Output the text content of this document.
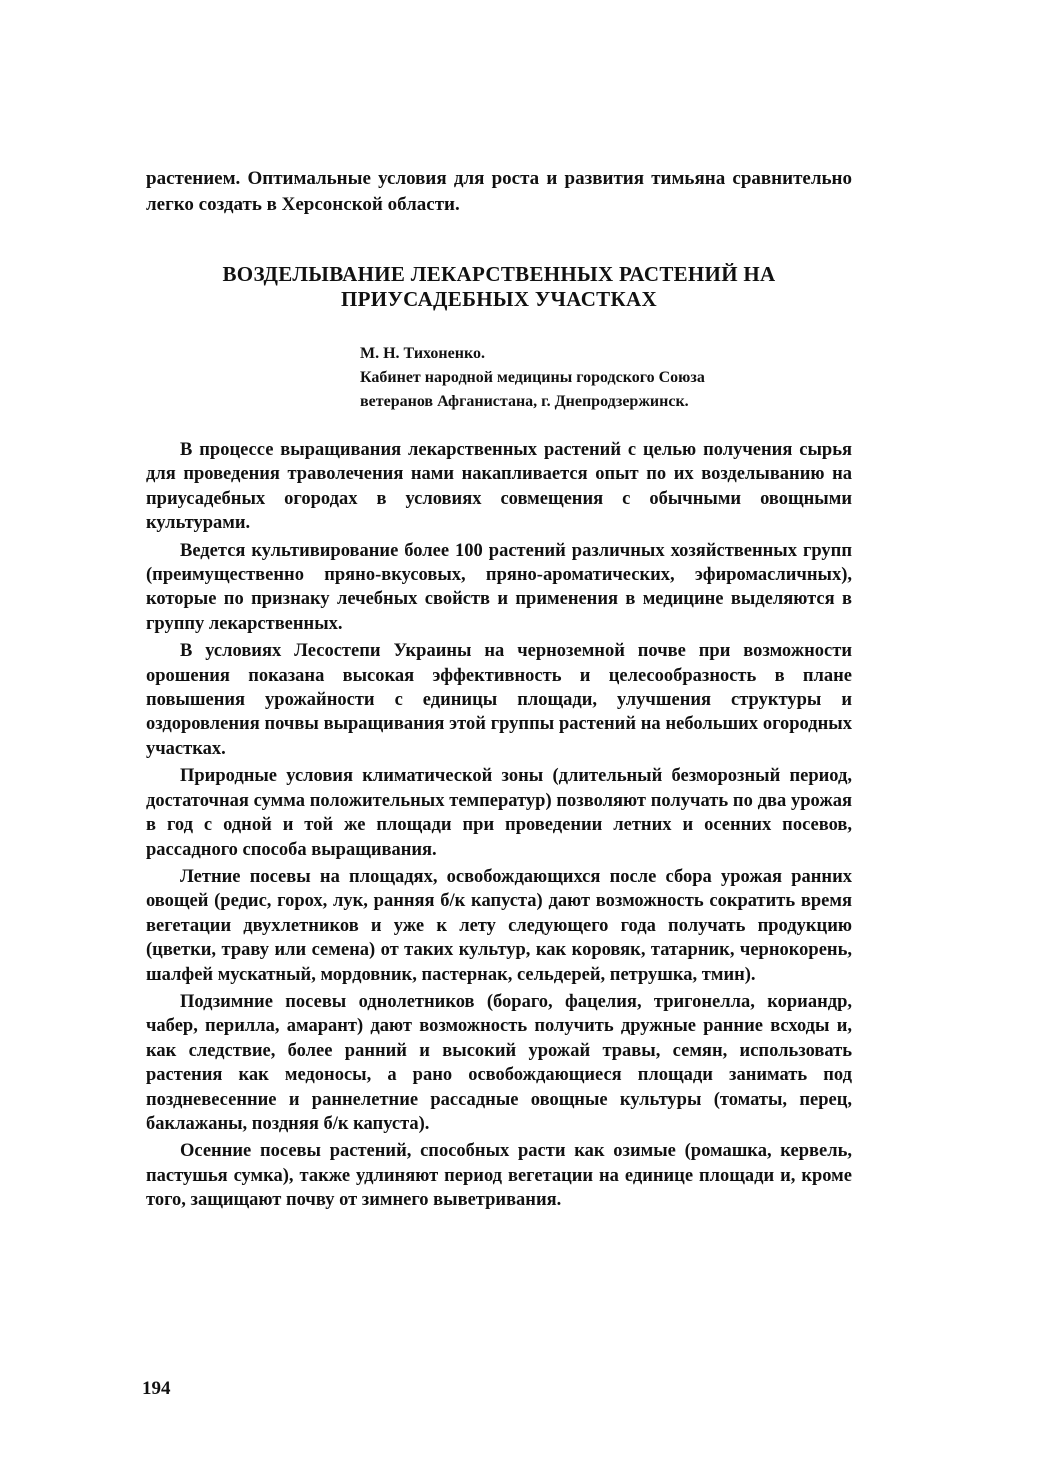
растением. Оптимальные условия для роста и развития тимьяна сравнительно легко создать в Херсонской области.

ВОЗДЕЛЫВАНИЕ ЛЕКАРСТВЕННЫХ РАСТЕНИЙ НА
ПРИУСАДЕБНЫХ УЧАСТКАХ
М. Н. Тихоненко.
Кабинет народной медицины городского Союза
ветеранов Афганистана, г. Днепродзержинск.

В процессе выращивания лекарственных растений с целью получения сырья для проведения траволечения нами накапливается опыт по их возделыванию на приусадебных огородах в условиях совмещения с обычными овощными культурами.

Ведется культивирование более 100 растений различных хозяйственных групп (преимущественно пряно-вкусовых, пряно-ароматических, эфиромасличных), которые по признаку лечебных свойств и применения в медицине выделяются в группу лекарственных.

В условиях Лесостепи Украины на черноземной почве при возможности орошения показана высокая эффективность и целесообразность в плане повышения урожайности с единицы площади, улучшения структуры и оздоровления почвы выращивания этой группы растений на небольших огородных участках.

Природные условия климатической зоны (длительный безморозный период, достаточная сумма положительных температур) позволяют получать по два урожая в год с одной и той же площади при проведении летних и осенних посевов, рассадного способа выращивания.

Летние посевы на площадях, освобождающихся после сбора урожая ранних овощей (редис, горох, лук, ранняя б/к капуста) дают возможность сократить время вегетации двухлетников и уже к лету следующего года получать продукцию (цветки, траву или семена) от таких культур, как коровяк, татарник, чернокорень, шалфей мускатный, мордовник, пастернак, сельдерей, петрушка, тмин).

Подзимние посевы однолетников (бораго, фацелия, тригонелла, кориандр, чабер, перилла, амарант) дают возможность получить дружные ранние всходы и, как следствие, более ранний и высокий урожай травы, семян, использовать растения как медоносы, а рано освобождающиеся площади занимать под поздневесенние и раннелетние рассадные овощные культуры (томаты, перец, баклажаны, поздняя б/к капуста).

Осенние посевы растений, способных расти как озимые (ромашка, кервель, пастушья сумка), также удлиняют период вегетации на единице площади и, кроме того, защищают почву от зимнего выветривания.

194
